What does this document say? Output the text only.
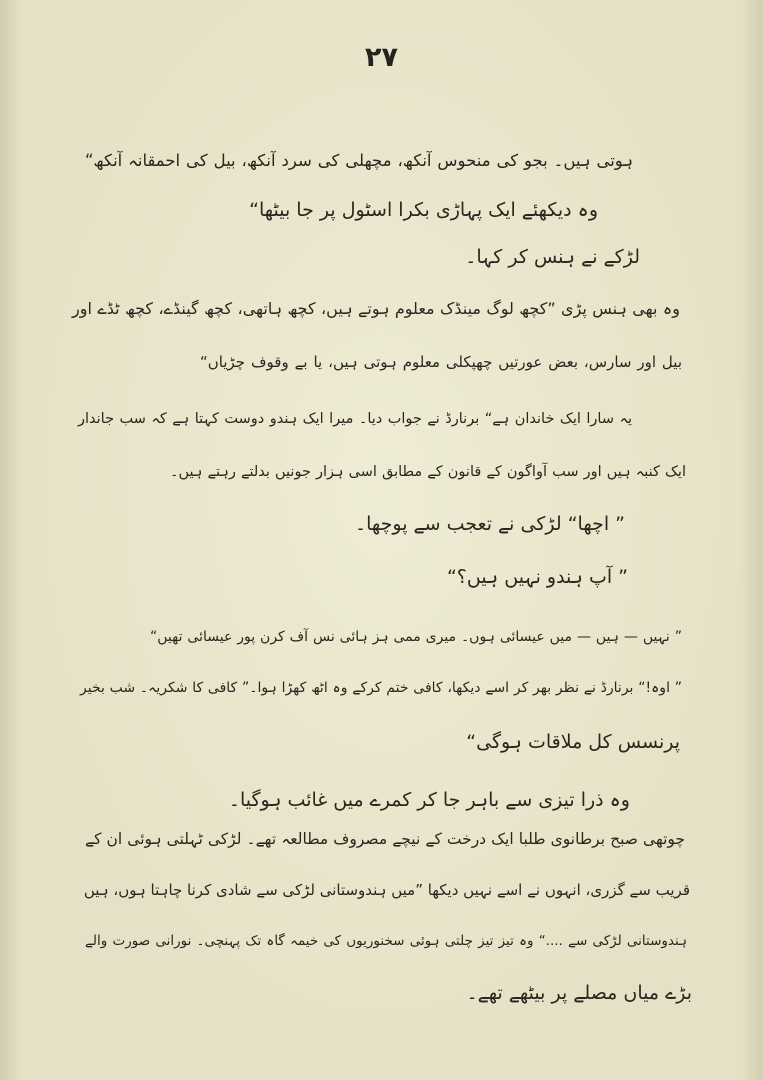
۲۷
ہوتی ہیں۔ بجو کی منحوس آنکھ، مچھلی کی سرد آنکھ، بیل کی احمقانہ آنکھ“
وہ دیکھئے ایک پہاڑی بکرا اسٹول پر جا بیٹھا“
لڑکے نے ہنس کر کہا۔
وہ بھی ہنس پڑی ”کچھ لوگ مینڈک معلوم ہوتے ہیں، کچھ ہاتھی، کچھ گینڈے، کچھ ٹڈے اور
بیل اور سارس، بعض عورتیں چھپکلی معلوم ہوتی ہیں، یا بے وقوف چڑیاں“
یہ سارا ایک خاندان ہے“ برنارڈ نے جواب دیا۔ میرا ایک ہندو دوست کہتا ہے کہ سب جاندار
ایک کنبہ ہیں اور سب آواگون کے قانون کے مطابق اسی ہزار جونیں بدلتے رہتے ہیں۔
” اچھا“ لڑکی نے تعجب سے پوچھا۔
” آپ ہندو نہیں ہیں؟“
” نہیں — ہیں — میں عیسائی ہوں۔ میری ممی ہز ہائی نس آف کرن پور عیسائی تھیں“
” اوہ!“ برنارڈ نے نظر بھر کر اسے دیکھا، کافی ختم کرکے وہ اٹھ کھڑا ہوا۔” کافی کا شکریہ۔ شب بخیر
پرنسس کل ملاقات ہوگی“
وہ ذرا تیزی سے باہر جا کر کمرے میں غائب ہوگیا۔
چوتھی صبح برطانوی طلبا ایک درخت کے نیچے مصروف مطالعہ تھے۔ لڑکی ٹہلتی ہوئی ان کے
قریب سے گزری، انہوں نے اسے نہیں دیکھا ”میں ہندوستانی لڑکی سے شادی کرنا چاہتا ہوں، ہیں
ہندوستانی لڑکی سے ....“ وہ تیز تیز چلتی ہوئی سخنوریوں کی خیمہ گاہ تک پہنچی۔ نورانی صورت والے
بڑے میاں مصلے پر بیٹھے تھے۔
